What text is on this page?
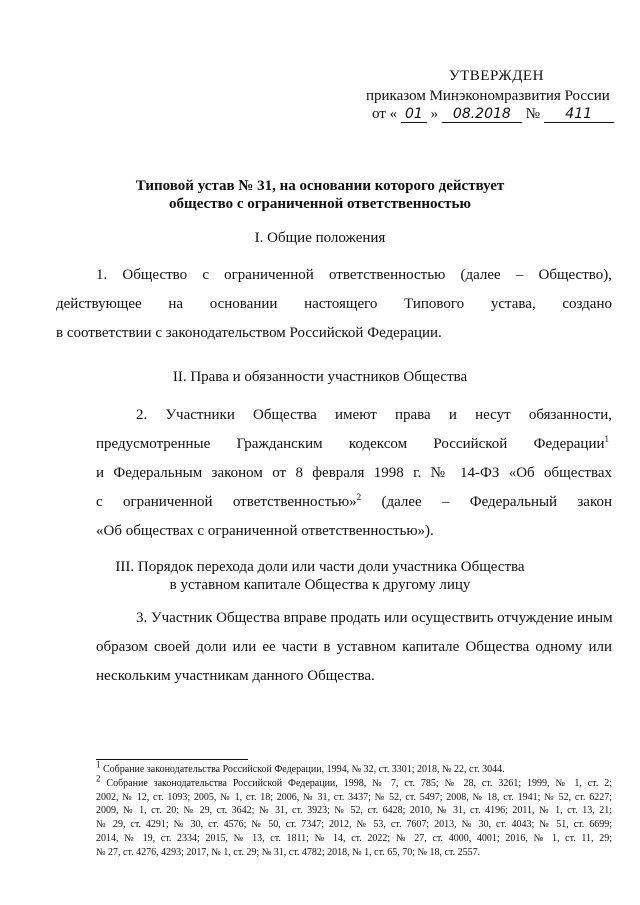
УТВЕРЖДЕН
приказом Минэкономразвития России
от « 01 » 08.2018 № 411
Типовой устав № 31, на основании которого действует
общество с ограниченной ответственностью
I. Общие положения
1. Общество с ограниченной ответственностью (далее – Общество),
действующее на основании настоящего Типового устава, создано
в соответствии с законодательством Российской Федерации.
II. Права и обязанности участников Общества
2. Участники Общества имеют права и несут обязанности,
предусмотренные Гражданским кодексом Российской Федерации$^1$
и Федеральным законом от 8 февраля 1998 г. № 14-ФЗ «Об обществах
с ограниченной ответственностью»$^2$ (далее – Федеральный закон
«Об обществах с ограниченной ответственностью»).
III. Порядок перехода доли или части доли участника Общества
в уставном капитале Общества к другому лицу
3. Участник Общества вправе продать или осуществить отчуждение иным
образом своей доли или ее части в уставном капитале Общества одному или
нескольким участникам данного Общества.
$^1$ Собрание законодательства Российской Федерации, 1994, № 32, ст. 3301; 2018, № 22, ст. 3044.
$^2$ Собрание законодательства Российской Федерации, 1998, № 7, ст. 785; № 28, ст. 3261; 1999, № 1, ст. 2;
2002, № 12, ст. 1093; 2005, № 1, ст. 18; 2006, № 31, ст. 3437; № 52, ст. 5497; 2008, № 18, ст. 1941; № 52, ст. 6227;
2009, № 1, ст. 20; № 29, ст. 3642; № 31, ст. 3923; № 52, ст. 6428; 2010, № 31, ст. 4196; 2011, № 1, ст. 13, 21;
№ 29, ст. 4291; № 30, ст. 4576; № 50, ст. 7347; 2012, № 53, ст. 7607; 2013, № 30, ст. 4043; № 51, ст. 6699;
2014, № 19, ст. 2334; 2015, № 13, ст. 1811; № 14, ст. 2022; № 27, ст. 4000, 4001; 2016, № 1, ст. 11, 29;
№ 27, ст. 4276, 4293; 2017, № 1, ст. 29; № 31, ст. 4782; 2018, № 1, ст. 65, 70; № 18, ст. 2557.
